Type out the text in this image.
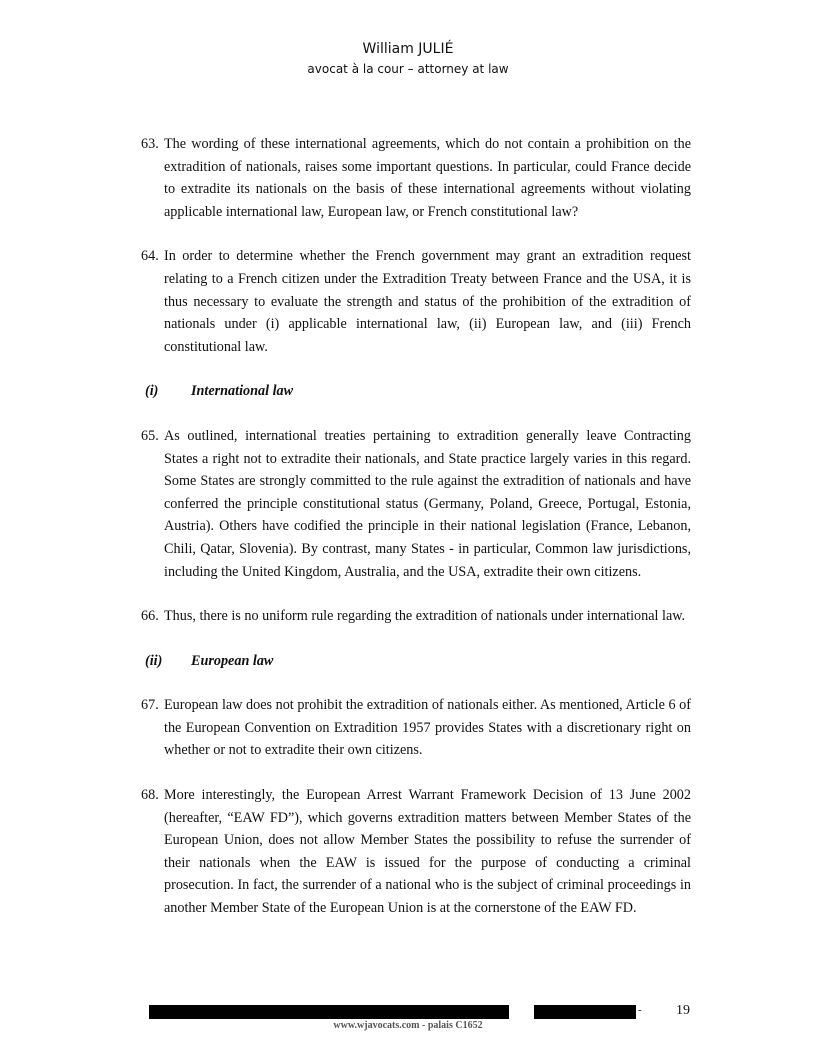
William JULIÉ
avocat à la cour – attorney at law
63. The wording of these international agreements, which do not contain a prohibition on the extradition of nationals, raises some important questions. In particular, could France decide to extradite its nationals on the basis of these international agreements without violating applicable international law, European law, or French constitutional law?
64. In order to determine whether the French government may grant an extradition request relating to a French citizen under the Extradition Treaty between France and the USA, it is thus necessary to evaluate the strength and status of the prohibition of the extradition of nationals under (i) applicable international law, (ii) European law, and (iii) French constitutional law.
(i) International law
65. As outlined, international treaties pertaining to extradition generally leave Contracting States a right not to extradite their nationals, and State practice largely varies in this regard. Some States are strongly committed to the rule against the extradition of nationals and have conferred the principle constitutional status (Germany, Poland, Greece, Portugal, Estonia, Austria). Others have codified the principle in their national legislation (France, Lebanon, Chili, Qatar, Slovenia). By contrast, many States - in particular, Common law jurisdictions, including the United Kingdom, Australia, and the USA, extradite their own citizens.
66. Thus, there is no uniform rule regarding the extradition of nationals under international law.
(ii) European law
67. European law does not prohibit the extradition of nationals either. As mentioned, Article 6 of the European Convention on Extradition 1957 provides States with a discretionary right on whether or not to extradite their own citizens.
68. More interestingly, the European Arrest Warrant Framework Decision of 13 June 2002 (hereafter, “EAW FD”), which governs extradition matters between Member States of the European Union, does not allow Member States the possibility to refuse the surrender of their nationals when the EAW is issued for the purpose of conducting a criminal prosecution. In fact, the surrender of a national who is the subject of criminal proceedings in another Member State of the European Union is at the cornerstone of the EAW FD.
- 19
www.wjavocats.com - palais C1652
